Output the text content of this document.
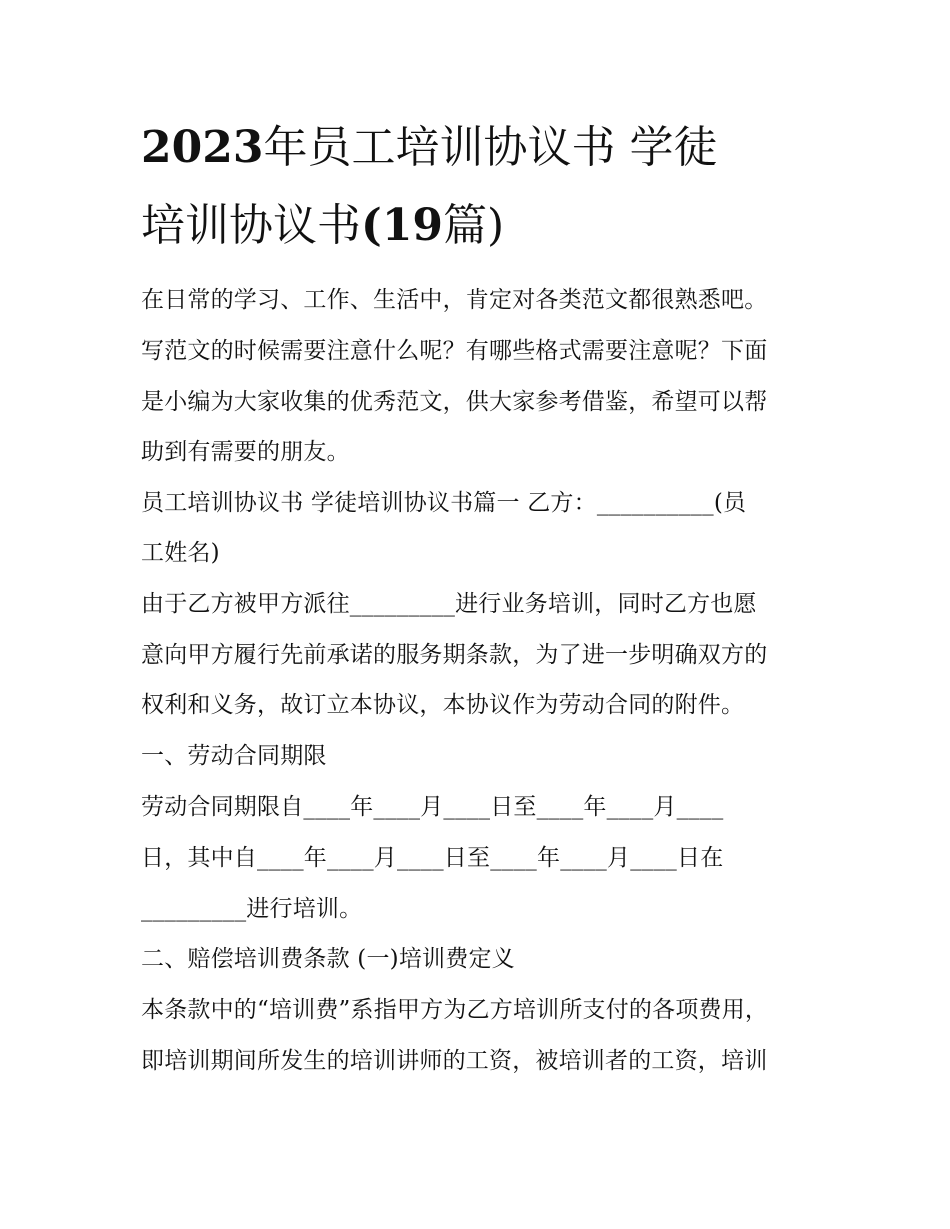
2023年员工培训协议书 学徒
培训协议书(19篇)
在日常的学习、工作、生活中，肯定对各类范文都很熟悉吧。
写范文的时候需要注意什么呢？有哪些格式需要注意呢？下面
是小编为大家收集的优秀范文，供大家参考借鉴，希望可以帮
助到有需要的朋友。
员工培训协议书 学徒培训协议书篇一 乙方：__________(员
工姓名)
由于乙方被甲方派往_________进行业务培训，同时乙方也愿
意向甲方履行先前承诺的服务期条款，为了进一步明确双方的
权利和义务，故订立本协议，本协议作为劳动合同的附件。
一、劳动合同期限
劳动合同期限自____年____月____日至____年____月____
日，其中自____年____月____日至____年____月____日在
_________进行培训。
二、赔偿培训费条款 (一)培训费定义
本条款中的“培训费”系指甲方为乙方培训所支付的各项费用，
即培训期间所发生的培训讲师的工资，被培训者的工资，培训
